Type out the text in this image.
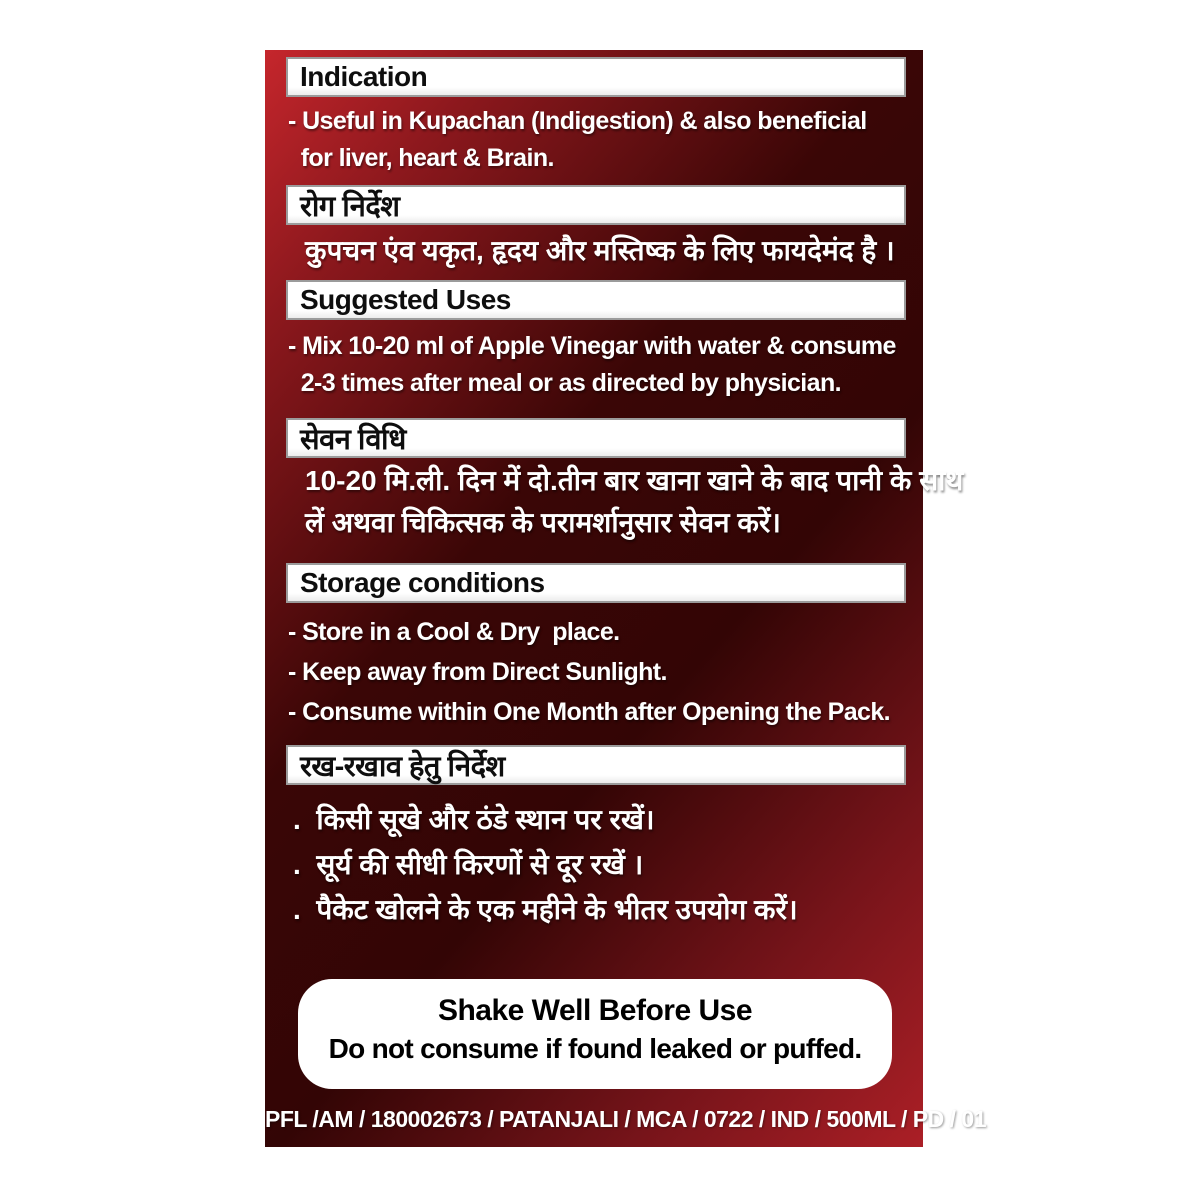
Indication
- Useful in Kupachan (Indigestion) & also beneficial
for liver, heart & Brain.
रोग निर्देश
कुपचन एंव यकृत, हृदय और मस्तिष्क के लिए फायदेमंद है ।
Suggested Uses
- Mix 10-20 ml of Apple Vinegar with water & consume
2-3 times after meal or as directed by physician.
सेवन विधि
10-20 मि.ली. दिन में दो.तीन बार खाना खाने के बाद पानी के साथ
लें अथवा चिकित्सक के परामर्शानुसार सेवन करें।
Storage conditions
- Store in a Cool & Dry  place.
- Keep away from Direct Sunlight.
- Consume within One Month after Opening the Pack.
रख-रखाव हेतु निर्देश
.  किसी सूखे और ठंडे स्थान पर रखें।
.  सूर्य की सीधी किरणों से दूर रखें ।
.  पैकेट खोलने के एक महीने के भीतर उपयोग करें।
Shake Well Before Use
Do not consume if found leaked or puffed.
PFL /AM / 180002673 / PATANJALI / MCA / 0722 / IND / 500ML / PD / 01
